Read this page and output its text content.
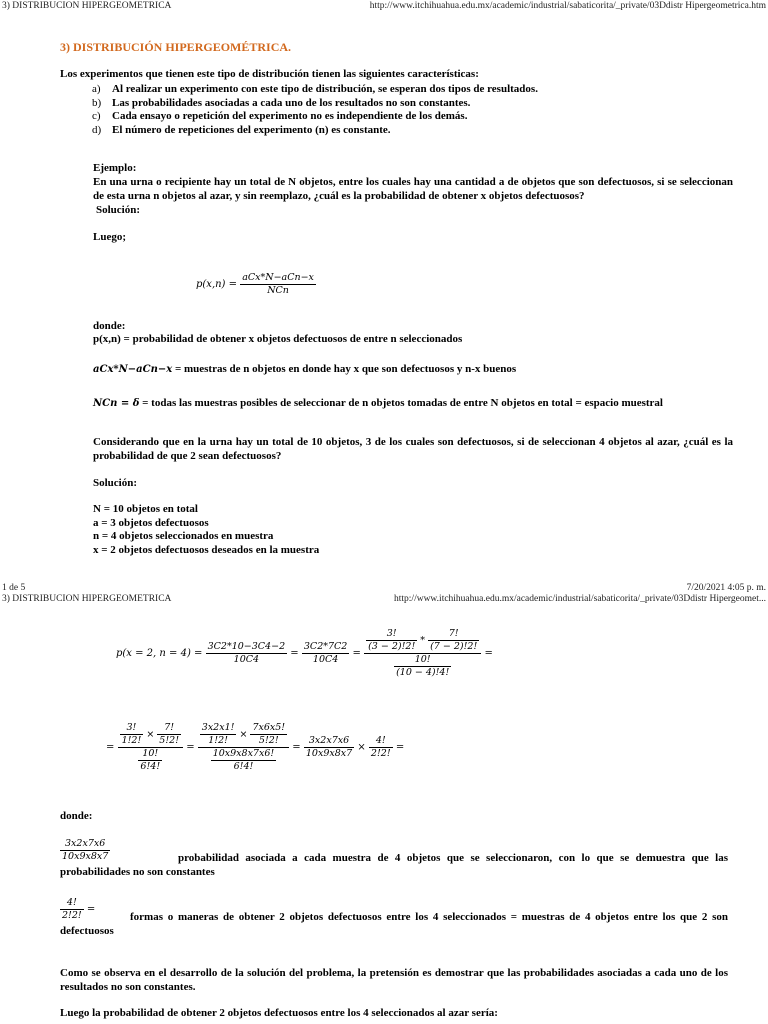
3) DISTRIBUCION HIPERGEOMETRICA	http://www.itchihuahua.edu.mx/academic/industrial/sabaticorita/_private/03Ddistr Hipergeometrica.htm
3) DISTRIBUCIÓN HIPERGEOMÉTRICA.
Los experimentos que tienen este tipo de distribución tienen las siguientes características:
a) Al realizar un experimento con este tipo de distribución, se esperan dos tipos de resultados.
b) Las probabilidades asociadas a cada uno de los resultados no son constantes.
c) Cada ensayo o repetición del experimento no es independiente de los demás.
d) El número de repeticiones del experimento (n) es constante.
Ejemplo:
En una urna o recipiente hay un total de N objetos, entre los cuales hay una cantidad a de objetos que son defectuosos, si se seleccionan de esta urna n objetos al azar, y sin reemplazo, ¿cuál es la probabilidad de obtener x objetos defectuosos?
Solución:
Luego;
$p(x,n) = \frac{\text{aCx*N−aCn−x}}{\text{NCn}}$
donde:
p(x,n) = probabilidad de obtener x objetos defectuosos de entre n seleccionados
aCx*N−aCn−x = muestras de n objetos en donde hay x que son defectuosos y n-x buenos
NCn = δ = todas las muestras posibles de seleccionar de n objetos tomadas de entre N objetos en total = espacio muestral
Considerando que en la urna hay un total de 10 objetos, 3 de los cuales son defectuosos, si de seleccionan 4 objetos al azar, ¿cuál es la probabilidad de que 2 sean defectuosos?
Solución:
N = 10 objetos en total
a = 3 objetos defectuosos
n = 4 objetos seleccionados en muestra
x = 2 objetos defectuosos deseados en la muestra
1 de 5	7/20/2021 4:05 p. m.
3) DISTRIBUCION HIPERGEOMETRICA	http://www.itchihuahua.edu.mx/academic/industrial/sabaticorita/_private/03Ddistr Hipergeomet...
p(x = 2, $n = 4) = \frac{3C2*10-3C4-2}{10C4} = \frac{3C2*7C2}{10C4} = \frac{\frac{3!}{(3 - 2)!2!} * \frac{7!}{(7 - 2)!2!}}{\frac{10!}{(10 - 4)!4!}}$ =
= $\frac{\frac{3!}{1!2!} \times \frac{7!}{5!2!}}{\frac{10!}{6!4!}} = \frac{\frac{3x2x1!}{1!2!} \times \frac{7x6x5!}{5!2!}}{\frac{10x9x8x7x6!}{6!4!}} = \frac{3x2x7x6}{10x9x8x7} \times \frac{4!}{2!2!}$ =
donde:
$\frac{3x2x7x6}{10x9x8x7}$	probabilidad asociada a cada muestra de 4 objetos que se seleccionaron, con lo que se demuestra que las probabilidades no son constantes
$\frac{4!}{2!2!}$ =
formas o maneras de obtener 2 objetos defectuosos entre los 4 seleccionados = muestras de 4 objetos entre los que 2 son defectuosos
Como se observa en el desarrollo de la solución del problema, la pretensión es demostrar que las probabilidades asociadas a cada uno de los resultados no son constantes.
Luego la probabilidad de obtener 2 objetos defectuosos entre los 4 seleccionados al azar sería:
